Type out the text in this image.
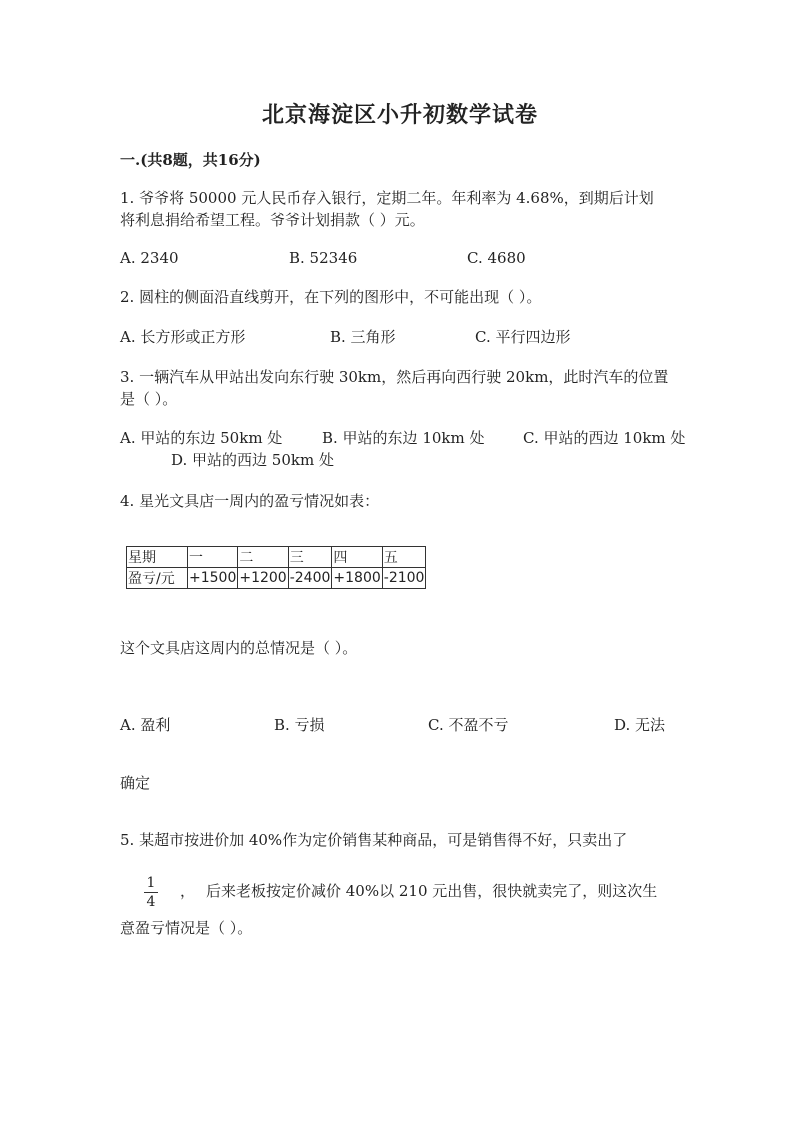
北京海淀区小升初数学试卷
一.(共8题，共16分)
1. 爷爷将 50000 元人民币存入银行，定期二年。年利率为 4.68%，到期后计划
将利息捐给希望工程。爷爷计划捐款（ ）元。
A. 2340	B. 52346	C. 4680
2. 圆柱的侧面沿直线剪开，在下列的图形中，不可能出现（ ）。
A. 长方形或正方形	B. 三角形	C. 平行四边形
3. 一辆汽车从甲站出发向东行驶 30km，然后再向西行驶 20km，此时汽车的位置
是（ ）。
A. 甲站的东边 50km 处	B. 甲站的东边 10km 处	C. 甲站的西边 10km 处
D. 甲站的西边 50km 处
4. 星光文具店一周内的盈亏情况如表：
星期	一	二	三	四	五
盈亏/元	+1500	+1200	-2400	+1800	-2100
这个文具店这周内的总情况是（ ）。
A. 盈利	B. 亏损	C. 不盈不亏	D. 无法
确定
5. 某超市按进价加 40%作为定价销售某种商品，可是销售得不好，只卖出了
1
4
， 后来老板按定价减价 40%以 210 元出售，很快就卖完了，则这次生
意盈亏情况是（ ）。
